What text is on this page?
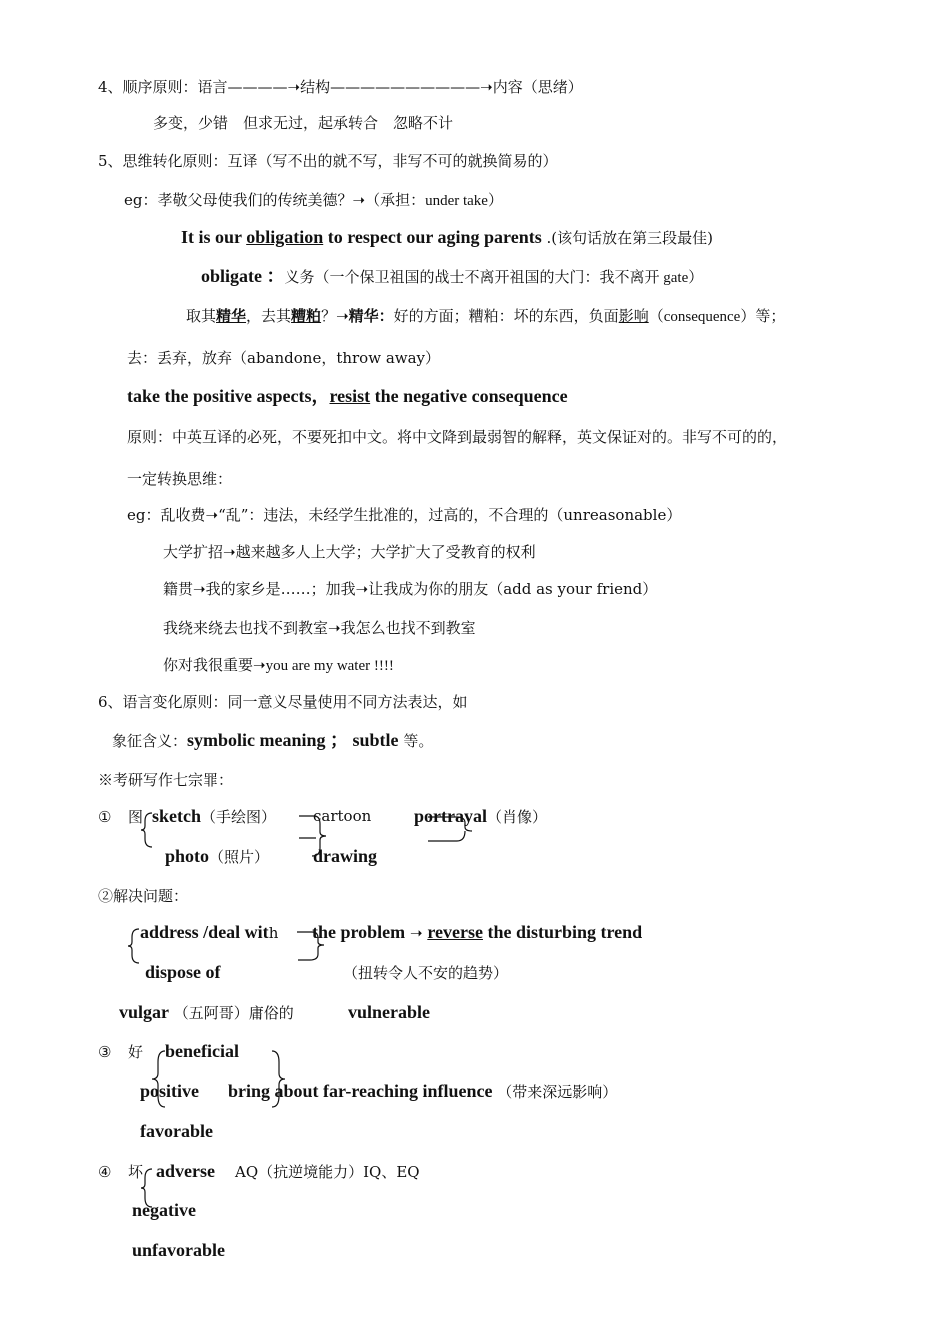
4、顺序原则：语言————➝结构——————————➝内容（思绪）
多变，少错　但求无过，起承转合　忽略不计
5、思维转化原则：互译（写不出的就不写，非写不可的就换简易的）
eg：孝敬父母使我们的传统美德？➝（承担：under take）
It is our obligation to respect our aging parents .(该句话放在第三段最佳)
obligate ：义务（一个保卫祖国的战士不离开祖国的大门：我不离开 gate）
取其精华，去其糟粕？➝精华：好的方面；糟粕：坏的东西，负面影响（consequence）等；
去：丢弃，放弃（abandone，throw away）
take the positive aspects，resist the negative consequence
原则：中英互译的必死，不要死扣中文。将中文降到最弱智的解释，英文保证对的。非写不可的的，
一定转换思维：
eg：乱收费➝“乱”：违法，未经学生批准的，过高的，不合理的（unreasonable）
大学扩招➝越来越多人上大学；大学扩大了受教育的权利
籍贯➝我的家乡是……；加我➝让我成为你的朋友（add as your friend）
我绕来绕去也找不到教室➝我怎么也找不到教室
你对我很重要➝you are my water !!!!
6、语言变化原则：同一意义尽量使用不同方法表达，如
象征含义：symbolic meaning ； subtle 等。
※考研写作七宗罪：
① 图 sketch（手绘图） cartoon portrayal（肖像）
photo（照片） drawing
②解决问题：
address /deal with the problem ➝ reverse the disturbing trend
dispose of	（扭转令人不安的趋势）
vulgar （五阿哥）庸俗的	vulnerable
③ 好 beneficial
positive bring about far-reaching influence （带来深远影响）
favorable
④ 坏 adverse AQ（抗逆境能力）IQ、EQ
negative
unfavorable
